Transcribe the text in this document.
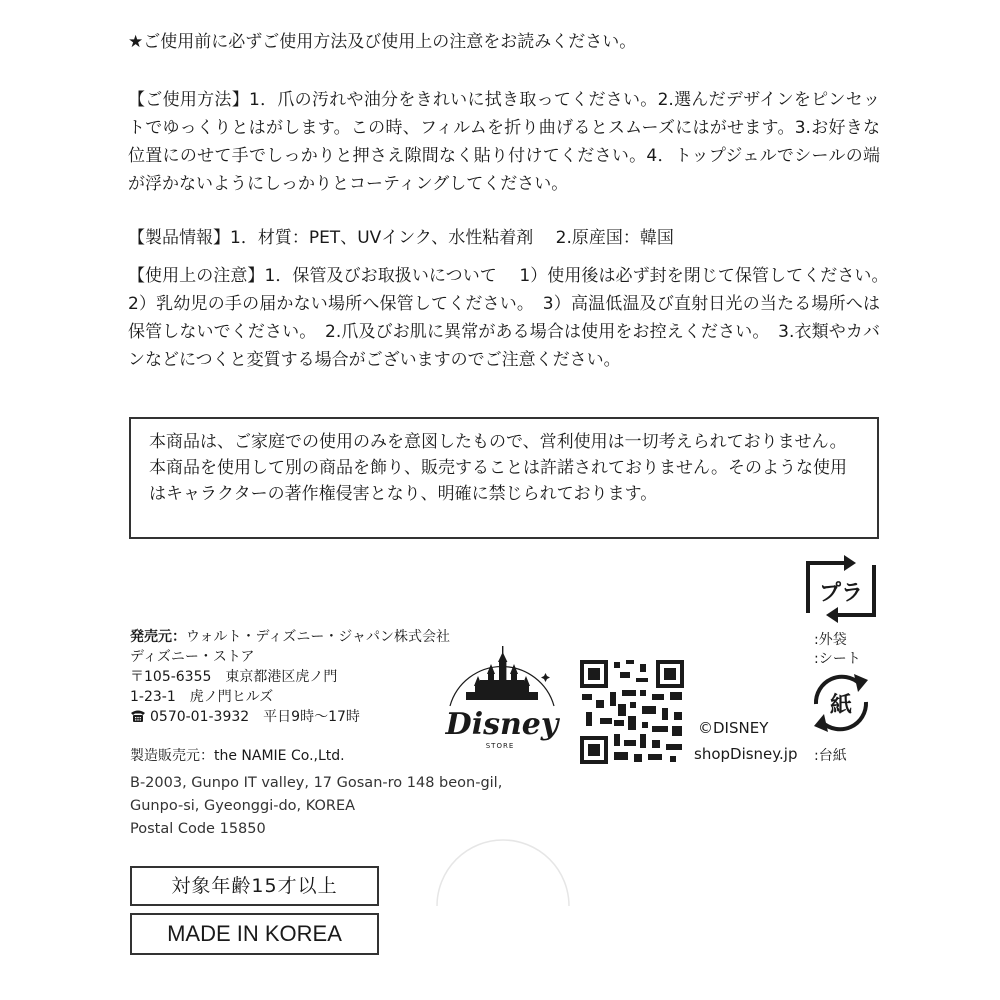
★ご使用前に必ずご使用方法及び使用上の注意をお読みください。

【ご使用方法】1．爪の汚れや油分をきれいに拭き取ってください。2.選んだデザインをピンセットでゆっくりとはがします。この時、フィルムを折り曲げるとスムーズにはがせます。3.お好きな位置にのせて手でしっかりと押さえ隙間なく貼り付けてください。4．トップジェルでシールの端が浮かないようにしっかりとコーティングしてください。

【製品情報】1．材質：PET、UVインク、水性粘着剤　 2.原産国：韓国

【使用上の注意】1．保管及びお取扱いについて　 1）使用後は必ず封を閉じて保管してください。　2）乳幼児の手の届かない場所へ保管してください。　3）高温低温及び直射日光の当たる場所へは保管しないでください。　2.爪及びお肌に異常がある場合は使用をお控えください。　3.衣類やカバンなどにつくと変質する場合がございますのでご注意ください。

本商品は、ご家庭での使用のみを意図したもので、営利使用は一切考えられておりません。本商品を使用して別の商品を飾り、販売することは許諾されておりません。そのような使用はキャラクターの著作権侵害となり、明確に禁じられております。
発売元：ウォルト・ディズニー・ジャパン株式会社
ディズニー・ストア
〒105-6355　東京都港区虎ノ門
1-23-1　虎ノ門ヒルズ
0570-01-3932　平日9時～17時

製造販売元：the NAMIE Co.,Ltd.

B-2003, Gunpo IT valley, 17 Gosan-ro 148 beon-gil,
Gunpo-si, Gyeonggi-do, KOREA
Postal Code 15850
対象年齢15才以上
MADE IN KOREA
Disney
STORE
©DISNEY
shopDisney.jp
プラ

:外袋

:シート

紙

:台紙
